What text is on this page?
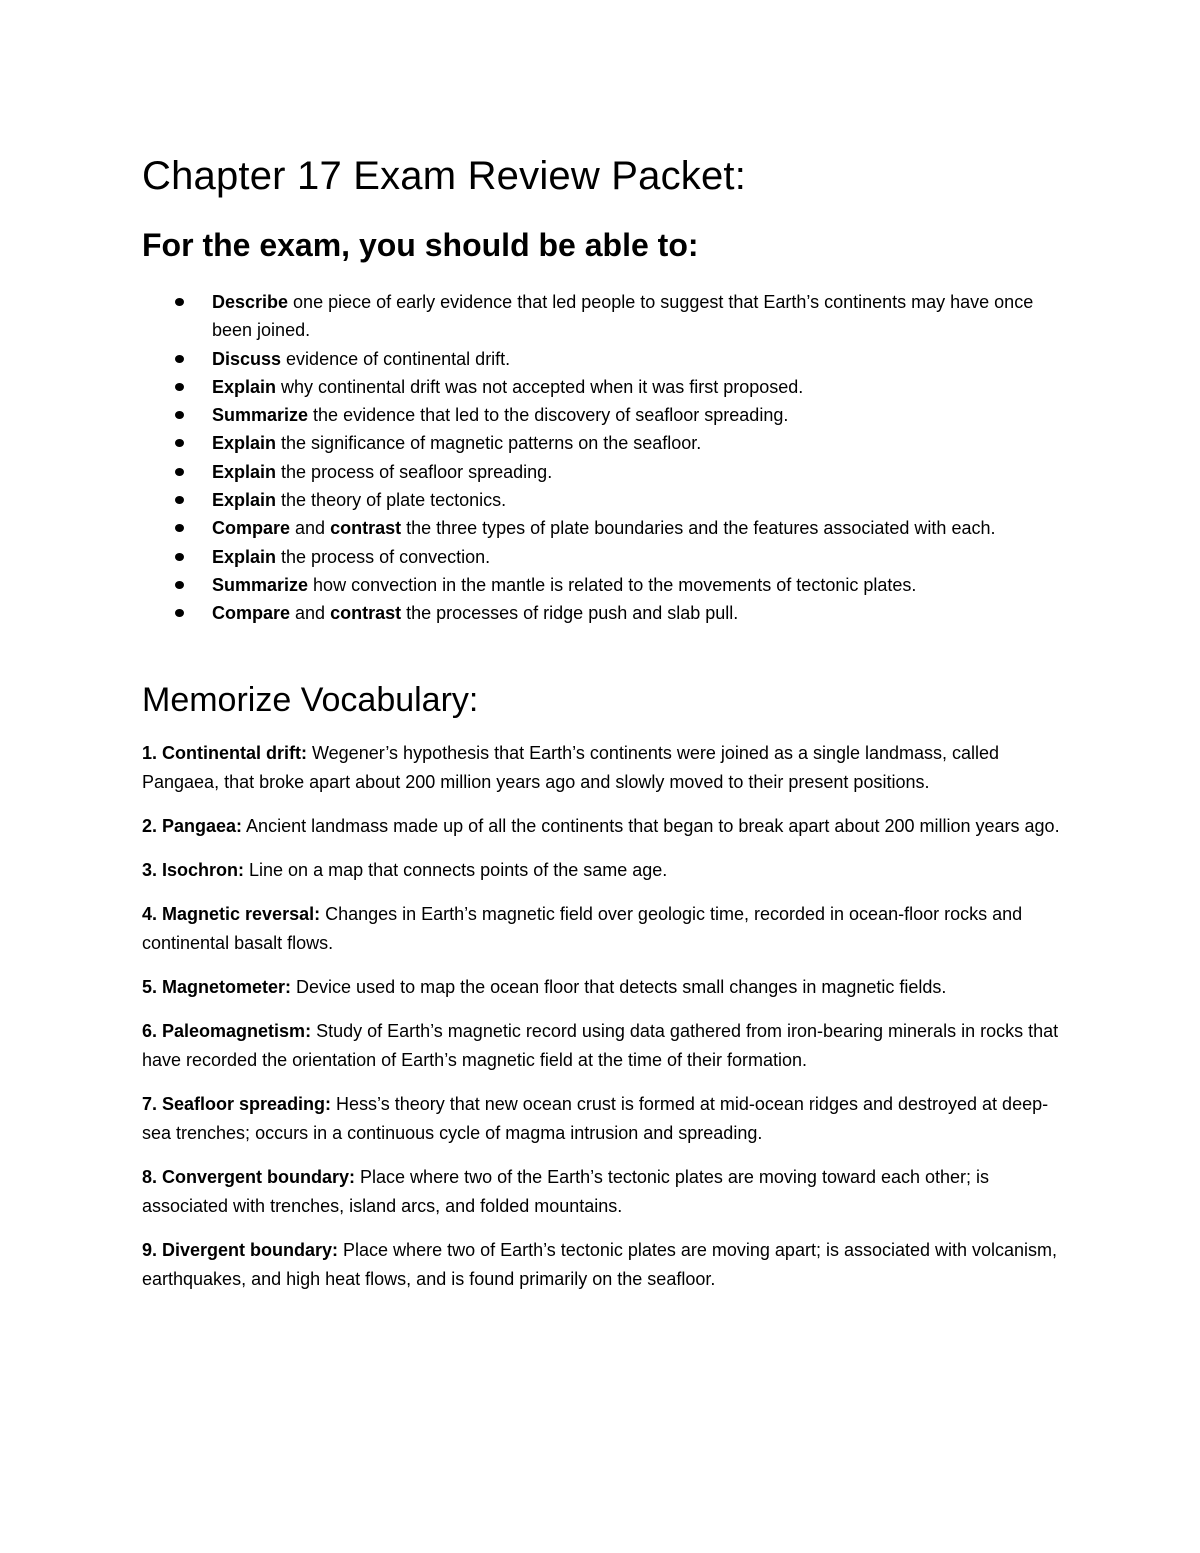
Chapter 17 Exam Review Packet:
For the exam, you should be able to:
Describe one piece of early evidence that led people to suggest that Earth’s continents may have once been joined.
Discuss evidence of continental drift.
Explain why continental drift was not accepted when it was first proposed.
Summarize the evidence that led to the discovery of seafloor spreading.
Explain the significance of magnetic patterns on the seafloor.
Explain the process of seafloor spreading.
Explain the theory of plate tectonics.
Compare and contrast the three types of plate boundaries and the features associated with each.
Explain the process of convection.
Summarize how convection in the mantle is related to the movements of tectonic plates.
Compare and contrast the processes of ridge push and slab pull.
Memorize Vocabulary:

1. Continental drift: Wegener’s hypothesis that Earth’s continents were joined as a single landmass, called Pangaea, that broke apart about 200 million years ago and slowly moved to their present positions.

2. Pangaea: Ancient landmass made up of all the continents that began to break apart about 200 million years ago.

3. Isochron: Line on a map that connects points of the same age.

4. Magnetic reversal: Changes in Earth’s magnetic field over geologic time, recorded in ocean-floor rocks and continental basalt flows.

5. Magnetometer: Device used to map the ocean floor that detects small changes in magnetic fields.

6. Paleomagnetism: Study of Earth’s magnetic record using data gathered from iron-bearing minerals in rocks that have recorded the orientation of Earth’s magnetic field at the time of their formation.

7. Seafloor spreading: Hess’s theory that new ocean crust is formed at mid-ocean ridges and destroyed at deep-sea trenches; occurs in a continuous cycle of magma intrusion and spreading.

8. Convergent boundary: Place where two of the Earth’s tectonic plates are moving toward each other; is associated with trenches, island arcs, and folded mountains.

9. Divergent boundary: Place where two of Earth’s tectonic plates are moving apart; is associated with volcanism, earthquakes, and high heat flows, and is found primarily on the seafloor.
